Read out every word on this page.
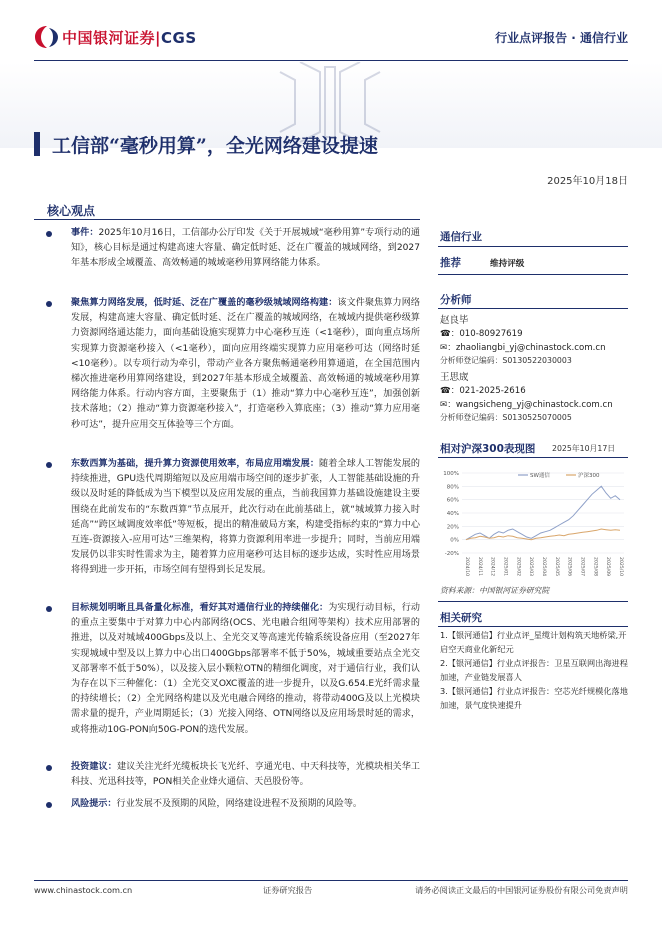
中国银河证券|CGS	行业点评报告 · 通信行业
工信部“毫秒用算”，全光网络建设提速
2025年10月18日
核心观点
事件：2025年10月16日，工信部办公厅印发《关于开展城域“毫秒用算”专项行动的通知》，核心目标是通过构建高速大容量、确定低时延、泛在广覆盖的城域网络，到2027年基本形成全域覆盖、高效畅通的城域毫秒用算网络能力体系。
聚焦算力网络发展，低时延、泛在广覆盖的毫秒级城域网络构建：该文件聚焦算力网络发展，构建高速大容量、确定低时延、泛在广覆盖的城域网络，在城域内提供毫秒级算力资源网络通达能力，面向基础设施实现算力中心毫秒互连（<1毫秒），面向重点场所实现算力资源毫秒接入（<1毫秒），面向应用终端实现算力应用毫秒可达（网络时延<10毫秒）。以专项行动为牵引，带动产业各方聚焦畅通毫秒用算通道，在全国范围内梯次推进毫秒用算网络建设，到2027年基本形成全域覆盖、高效畅通的城域毫秒用算网络能力体系。行动内容方面，主要聚焦于（1）推动“算力中心毫秒互连”，加强创新技术落地；（2）推动“算力资源毫秒接入”，打造毫秒入算底座；（3）推动“算力应用毫秒可达”，提升应用交互体验等三个方面。
东数西算为基础，提升算力资源使用效率，布局应用端发展：随着全球人工智能发展的持续推进，GPU迭代周期缩短以及应用端市场空间的逐步扩张，人工智能基础设施的升级以及时延的降低成为当下模型以及应用发展的重点，当前我国算力基础设施建设主要围绕在此前发布的“东数西算”节点展开，此次行动在此前基础上，就“城域算力接入时延高”“跨区域调度效率低”等短板，提出的精准破局方案，构建受指标约束的“算力中心互连-资源接入-应用可达”三维架构，将算力资源利用率进一步提升；同时，当前应用端发展仍以非实时性需求为主，随着算力应用毫秒可达目标的逐步达成，实时性应用场景将得到进一步开拓，市场空间有望得到长足发展。
目标规划明晰且具备量化标准，看好其对通信行业的持续催化：为实现行动目标，行动的重点主要集中于对算力中心内部网络(OCS、光电融合组网等架构）技术应用部署的推进，以及对城域400Gbps及以上、全光交叉等高速光传输系统设备应用（至2027年实现城域中型及以上算力中心出口400Gbps部署率不低于50%，城域重要站点全光交叉部署率不低于50%），以及接入层小颗粒OTN的精细化调度，对于通信行业，我们认为存在以下三种催化：（1）全光交叉OXC覆盖的进一步提升，以及G.654.E光纤需求量的持续增长；（2）全光网络构建以及光电融合网络的推动，将带动400G及以上光模块需求量的提升，产业周期延长；（3）光接入网络、OTN网络以及应用场景时延的需求，或将推动10G-PON向50G-PON的迭代发展。
投资建议：建议关注光纤光缆板块长飞光纤、亨通光电、中天科技等，光模块相关华工科技、光迅科技等，PON相关企业烽火通信、天邑股份等。
风险提示：行业发展不及预期的风险，网络建设进程不及预期的风险等。
通信行业
推荐	维持评级
分析师
赵良毕
☎：010-80927619
✉：zhaoliangbi_yj@chinastock.com.cn
分析师登记编码：S0130522030003
王思宬
☎：021-2025-2616
✉：wangsicheng_yj@chinastock.com.cn
分析师登记编码：S0130525070005
相对沪深300表现图 2025年10月17日
100%
80%
60%
40%
20%
0%
-20%
2024/10 2024/11 2024/12 2025/01 2025/02 2025/03 2025/04 2025/05 2025/06 2025/07 2025/08 2025/09 2025/10
SW通信	沪深300
资料来源：中国银河证券研究院
相关研究
1.【银河通信】行业点评_星缆计划构筑天地桥梁,开启空天商业化新纪元
2.【银河通信】行业点评报告：卫星互联网出海进程加速，产业链发展喜人
3.【银河通信】行业点评报告：空芯光纤规模化落地加速，景气度快速提升
www.chinastock.com.cn	证券研究报告	请务必阅读正文最后的中国银河证券股份有限公司免责声明
